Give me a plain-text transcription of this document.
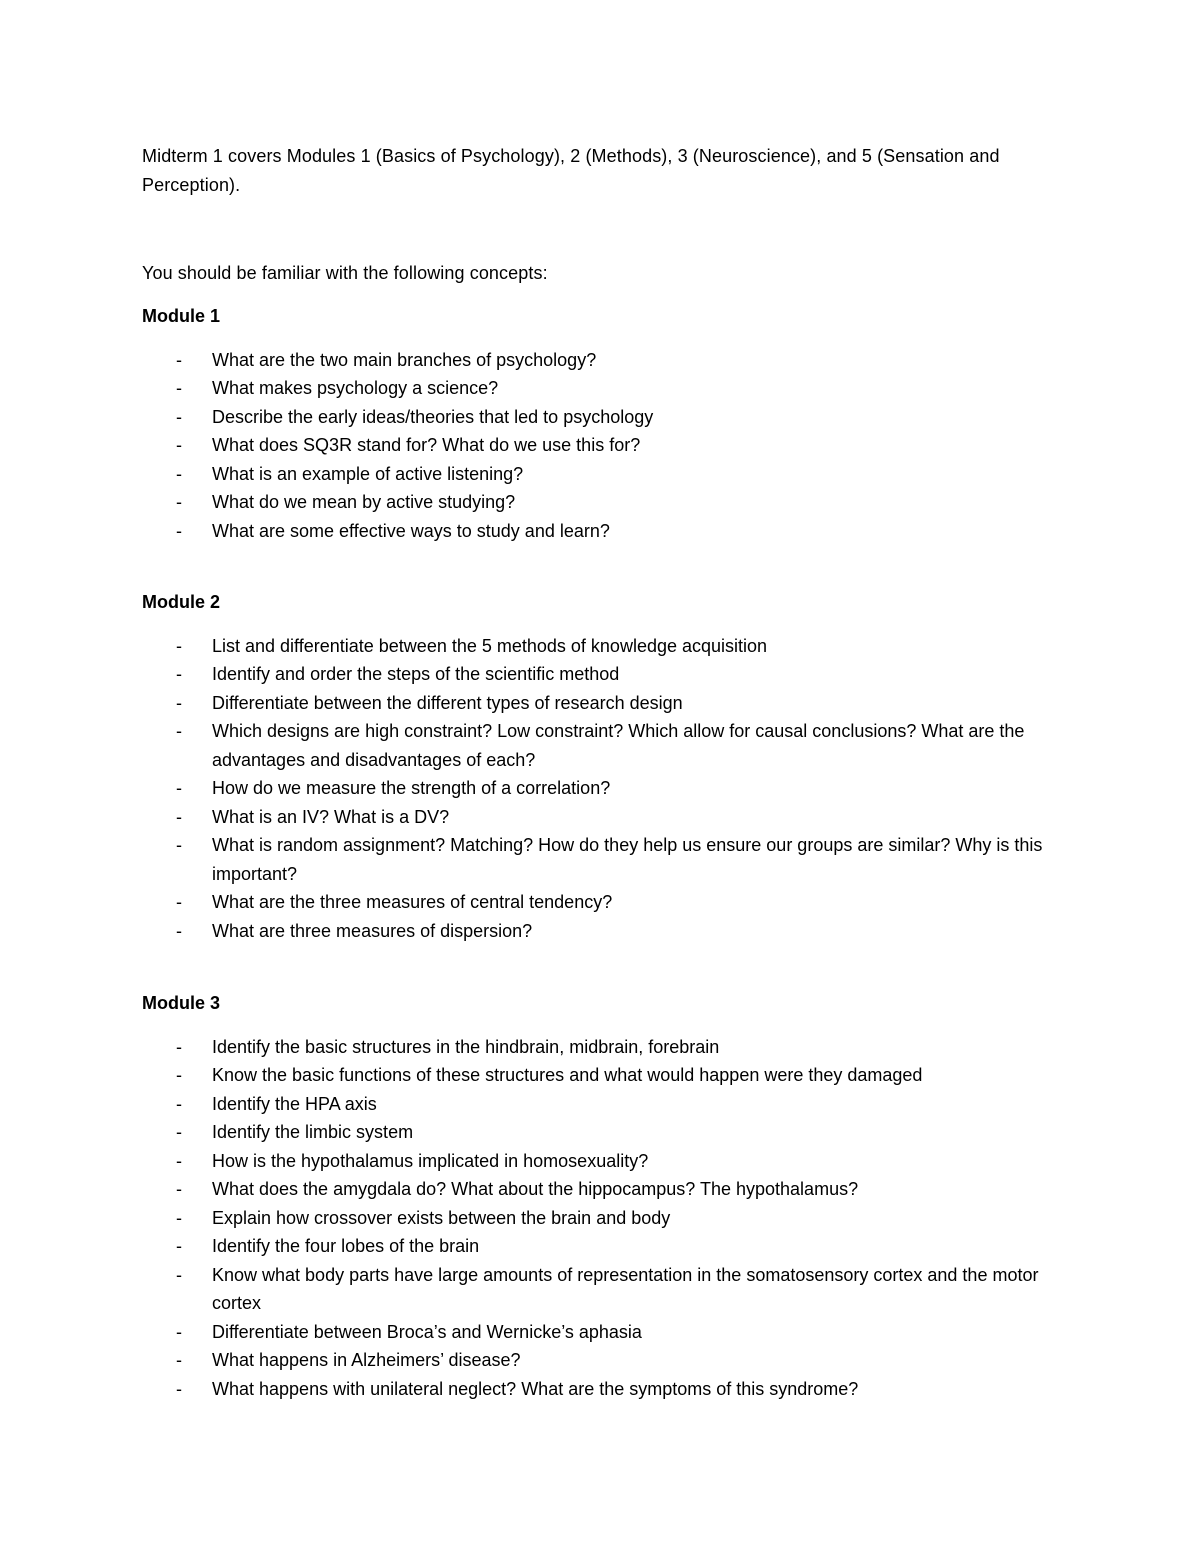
Midterm 1 covers Modules 1 (Basics of Psychology), 2 (Methods), 3 (Neuroscience), and 5 (Sensation and Perception).
You should be familiar with the following concepts:
Module 1
- What are the two main branches of psychology?
- What makes psychology a science?
- Describe the early ideas/theories that led to psychology
- What does SQ3R stand for? What do we use this for?
- What is an example of active listening?
- What do we mean by active studying?
- What are some effective ways to study and learn?
Module 2
- List and differentiate between the 5 methods of knowledge acquisition
- Identify and order the steps of the scientific method
- Differentiate between the different types of research design
- Which designs are high constraint? Low constraint? Which allow for causal conclusions? What are the advantages and disadvantages of each?
- How do we measure the strength of a correlation?
- What is an IV? What is a DV?
- What is random assignment? Matching? How do they help us ensure our groups are similar? Why is this important?
- What are the three measures of central tendency?
- What are three measures of dispersion?
Module 3
- Identify the basic structures in the hindbrain, midbrain, forebrain
- Know the basic functions of these structures and what would happen were they damaged
- Identify the HPA axis
- Identify the limbic system
- How is the hypothalamus implicated in homosexuality?
- What does the amygdala do? What about the hippocampus? The hypothalamus?
- Explain how crossover exists between the brain and body
- Identify the four lobes of the brain
- Know what body parts have large amounts of representation in the somatosensory cortex and the motor cortex
- Differentiate between Broca’s and Wernicke’s aphasia
- What happens in Alzheimers’ disease?
- What happens with unilateral neglect? What are the symptoms of this syndrome?
